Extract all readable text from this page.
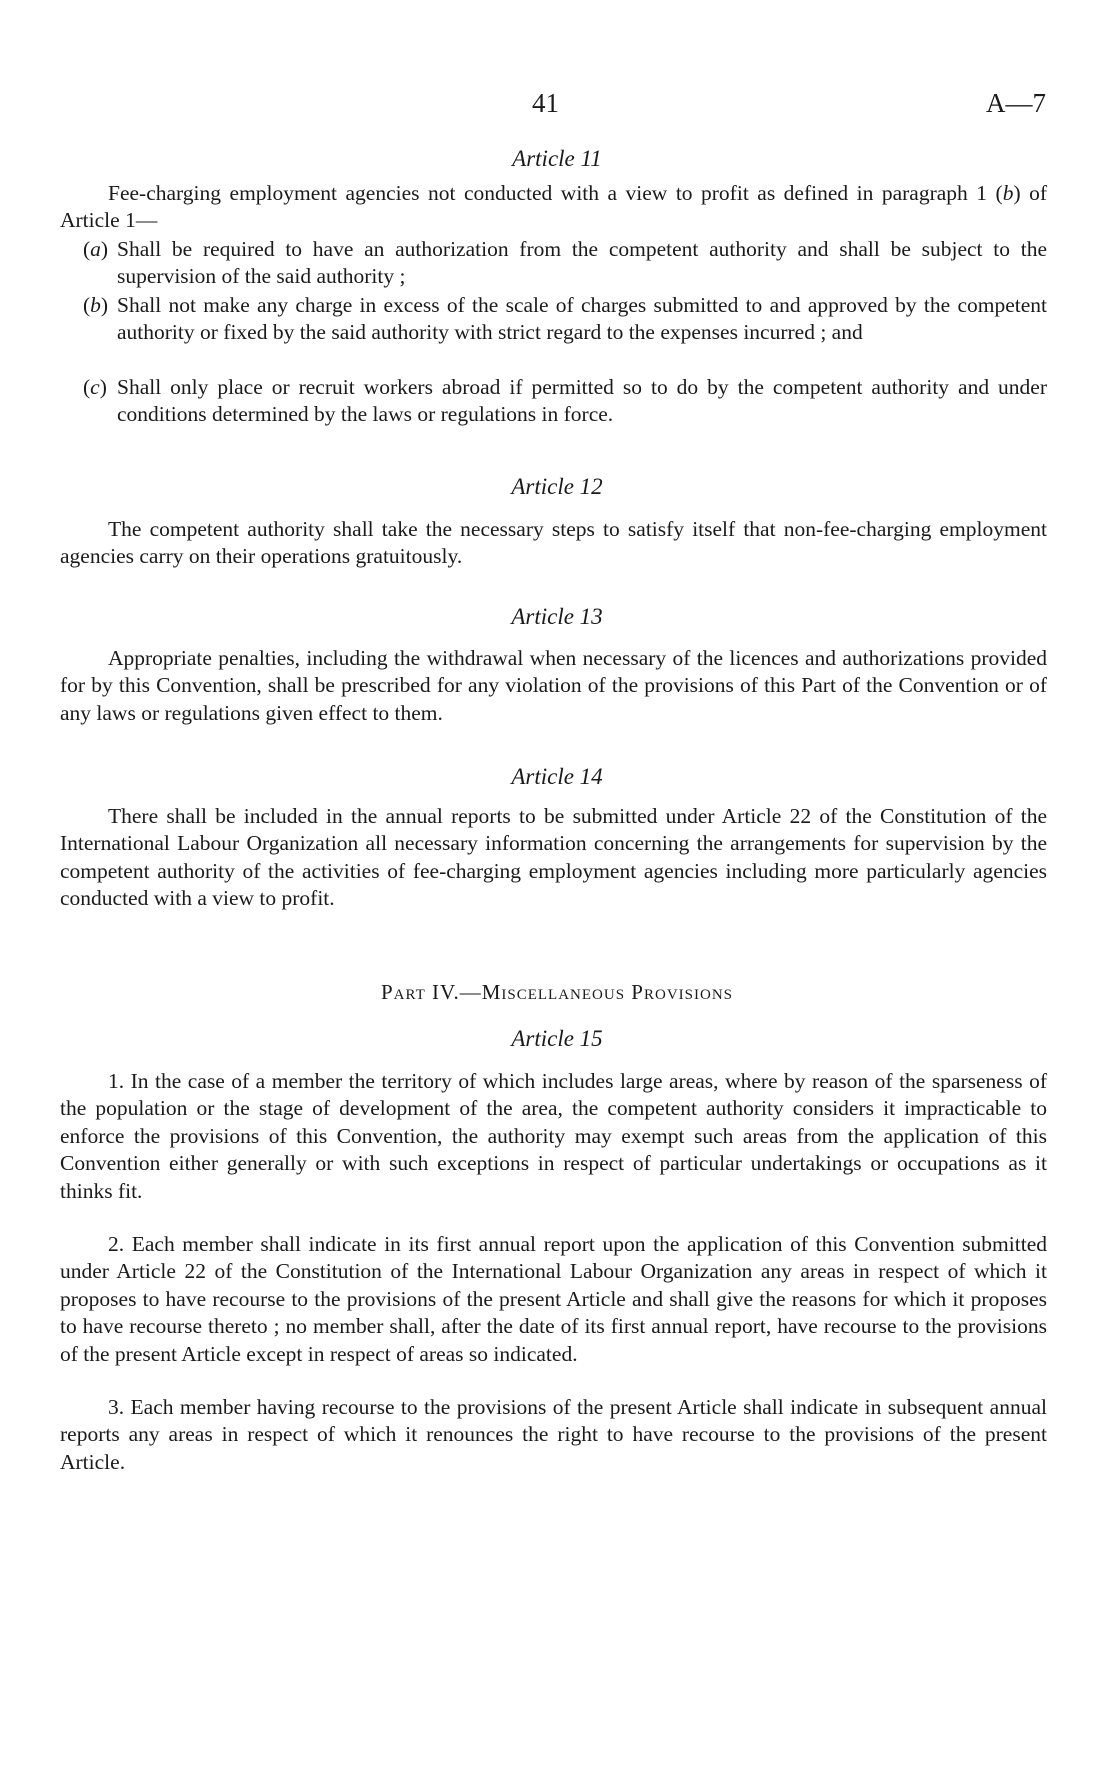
41	A—7
Article 11

Fee-charging employment agencies not conducted with a view to profit as defined in paragraph 1 (b) of Article 1—

(a) Shall be required to have an authorization from the competent authority and shall be subject to the supervision of the said authority ;
(b) Shall not make any charge in excess of the scale of charges submitted to and approved by the competent authority or fixed by the said authority with strict regard to the expenses incurred ; and
(c) Shall only place or recruit workers abroad if permitted so to do by the competent authority and under conditions determined by the laws or regulations in force.
Article 12

The competent authority shall take the necessary steps to satisfy itself that non-fee-charging employment agencies carry on their operations gratuitously.

Article 13

Appropriate penalties, including the withdrawal when necessary of the licences and authorizations provided for by this Convention, shall be prescribed for any violation of the provisions of this Part of the Convention or of any laws or regulations given effect to them.

Article 14

There shall be included in the annual reports to be submitted under Article 22 of the Constitution of the International Labour Organization all necessary information concerning the arrangements for supervision by the competent authority of the activities of fee-charging employment agencies including more particularly agencies conducted with a view to profit.

Part IV.—Miscellaneous Provisions
Article 15

1. In the case of a member the territory of which includes large areas, where by reason of the sparseness of the population or the stage of development of the area, the competent authority considers it impracticable to enforce the provisions of this Convention, the authority may exempt such areas from the application of this Convention either generally or with such exceptions in respect of particular undertakings or occupations as it thinks fit.

2. Each member shall indicate in its first annual report upon the application of this Convention submitted under Article 22 of the Constitution of the International Labour Organization any areas in respect of which it proposes to have recourse to the provisions of the present Article and shall give the reasons for which it proposes to have recourse thereto ; no member shall, after the date of its first annual report, have recourse to the provisions of the present Article except in respect of areas so indicated.

3. Each member having recourse to the provisions of the present Article shall indicate in subsequent annual reports any areas in respect of which it renounces the right to have recourse to the provisions of the present Article.
